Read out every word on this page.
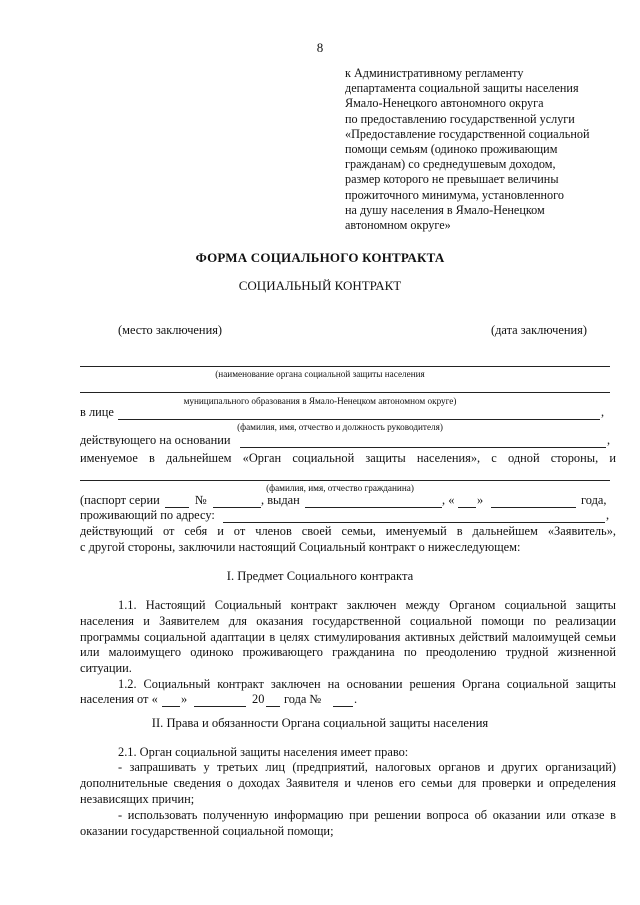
8
к Административному регламенту
департамента социальной защиты населения
Ямало-Ненецкого автономного округа
по предоставлению государственной услуги
«Предоставление государственной социальной
помощи семьям (одиноко проживающим
гражданам) со среднедушевым доходом,
размер которого не превышает величины
прожиточного минимума, установленного
на душу населения в Ямало-Ненецком
автономном округе»
ФОРМА СОЦИАЛЬНОГО КОНТРАКТА
СОЦИАЛЬНЫЙ КОНТРАКТ
(место заключения)	(дата заключения)
(наименование органа социальной защиты населения
муниципального образования в Ямало-Ненецком автономном округе)
в лице	,
(фамилия, имя, отчество и должность руководителя)
действующего на основании	,
именуемое в дальнейшем «Орган социальной защиты населения», с одной стороны, и
(фамилия, имя, отчество гражданина)
(паспорт серии	№	, выдан	, « »	года,
проживающий по адресу:	,
действующий от себя и от членов своей семьи, именуемый в дальнейшем «Заявитель»,
с другой стороны, заключили настоящий Социальный контракт о нижеследующем:
I. Предмет Социального контракта

1.1. Настоящий Социальный контракт заключен между Органом социальной защиты населения и Заявителем для оказания государственной социальной помощи по реализации программы социальной адаптации в целях стимулирования активных действий малоимущей семьи или малоимущего одиноко проживающего гражданина по преодолению трудной жизненной ситуации.

1.2. Социальный контракт заключен на основании решения Органа социальной защиты
населения от « »	20 года №	.
II. Права и обязанности Органа социальной защиты населения
2.1. Орган социальной защиты населения имеет право:

- запрашивать у третьих лиц (предприятий, налоговых органов и других организаций) дополнительные сведения о доходах Заявителя и членов его семьи для проверки и определения независящих причин;

- использовать полученную информацию при решении вопроса об оказании или отказе в оказании государственной социальной помощи;
